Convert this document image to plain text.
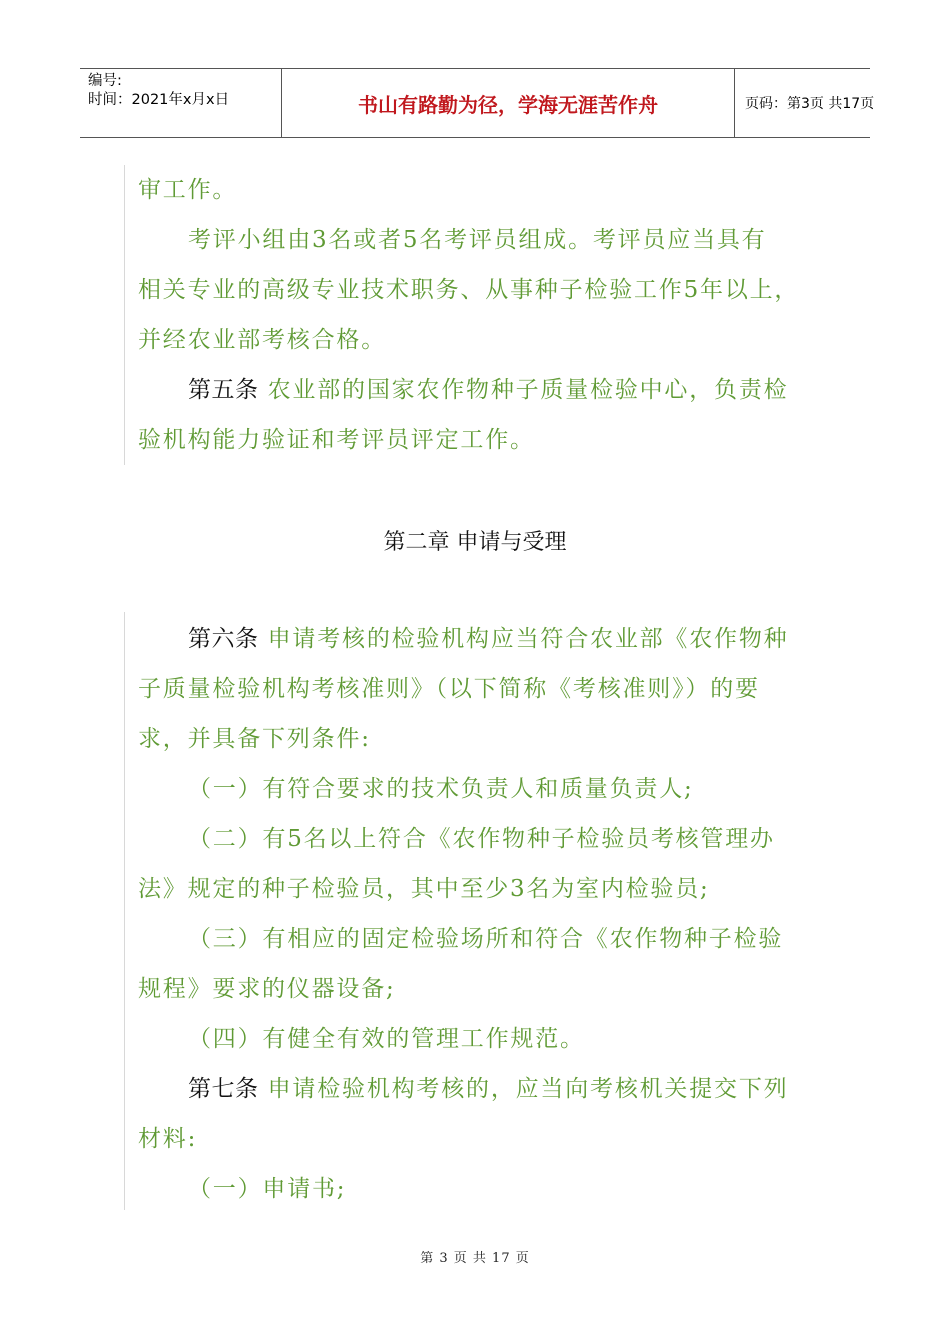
编号:
时间：2021年x月x日	书山有路勤为径，学海无涯苦作舟	页码：第3页 共17页
审工作。
考评小组由3名或者5名考评员组成。考评员应当具有
相关专业的高级专业技术职务、从事种子检验工作5年以上，
并经农业部考核合格。
第五条 农业部的国家农作物种子质量检验中心，负责检
验机构能力验证和考评员评定工作。
第二章 申请与受理
第六条 申请考核的检验机构应当符合农业部《农作物种
子质量检验机构考核准则》（以下简称《考核准则》）的要
求，并具备下列条件:
（一）有符合要求的技术负责人和质量负责人;
（二）有5名以上符合《农作物种子检验员考核管理办
法》规定的种子检验员，其中至少3名为室内检验员;
（三）有相应的固定检验场所和符合《农作物种子检验
规程》要求的仪器设备;
（四）有健全有效的管理工作规范。
第七条 申请检验机构考核的，应当向考核机关提交下列
材料:
（一）申请书;
第 3 页 共 17 页
